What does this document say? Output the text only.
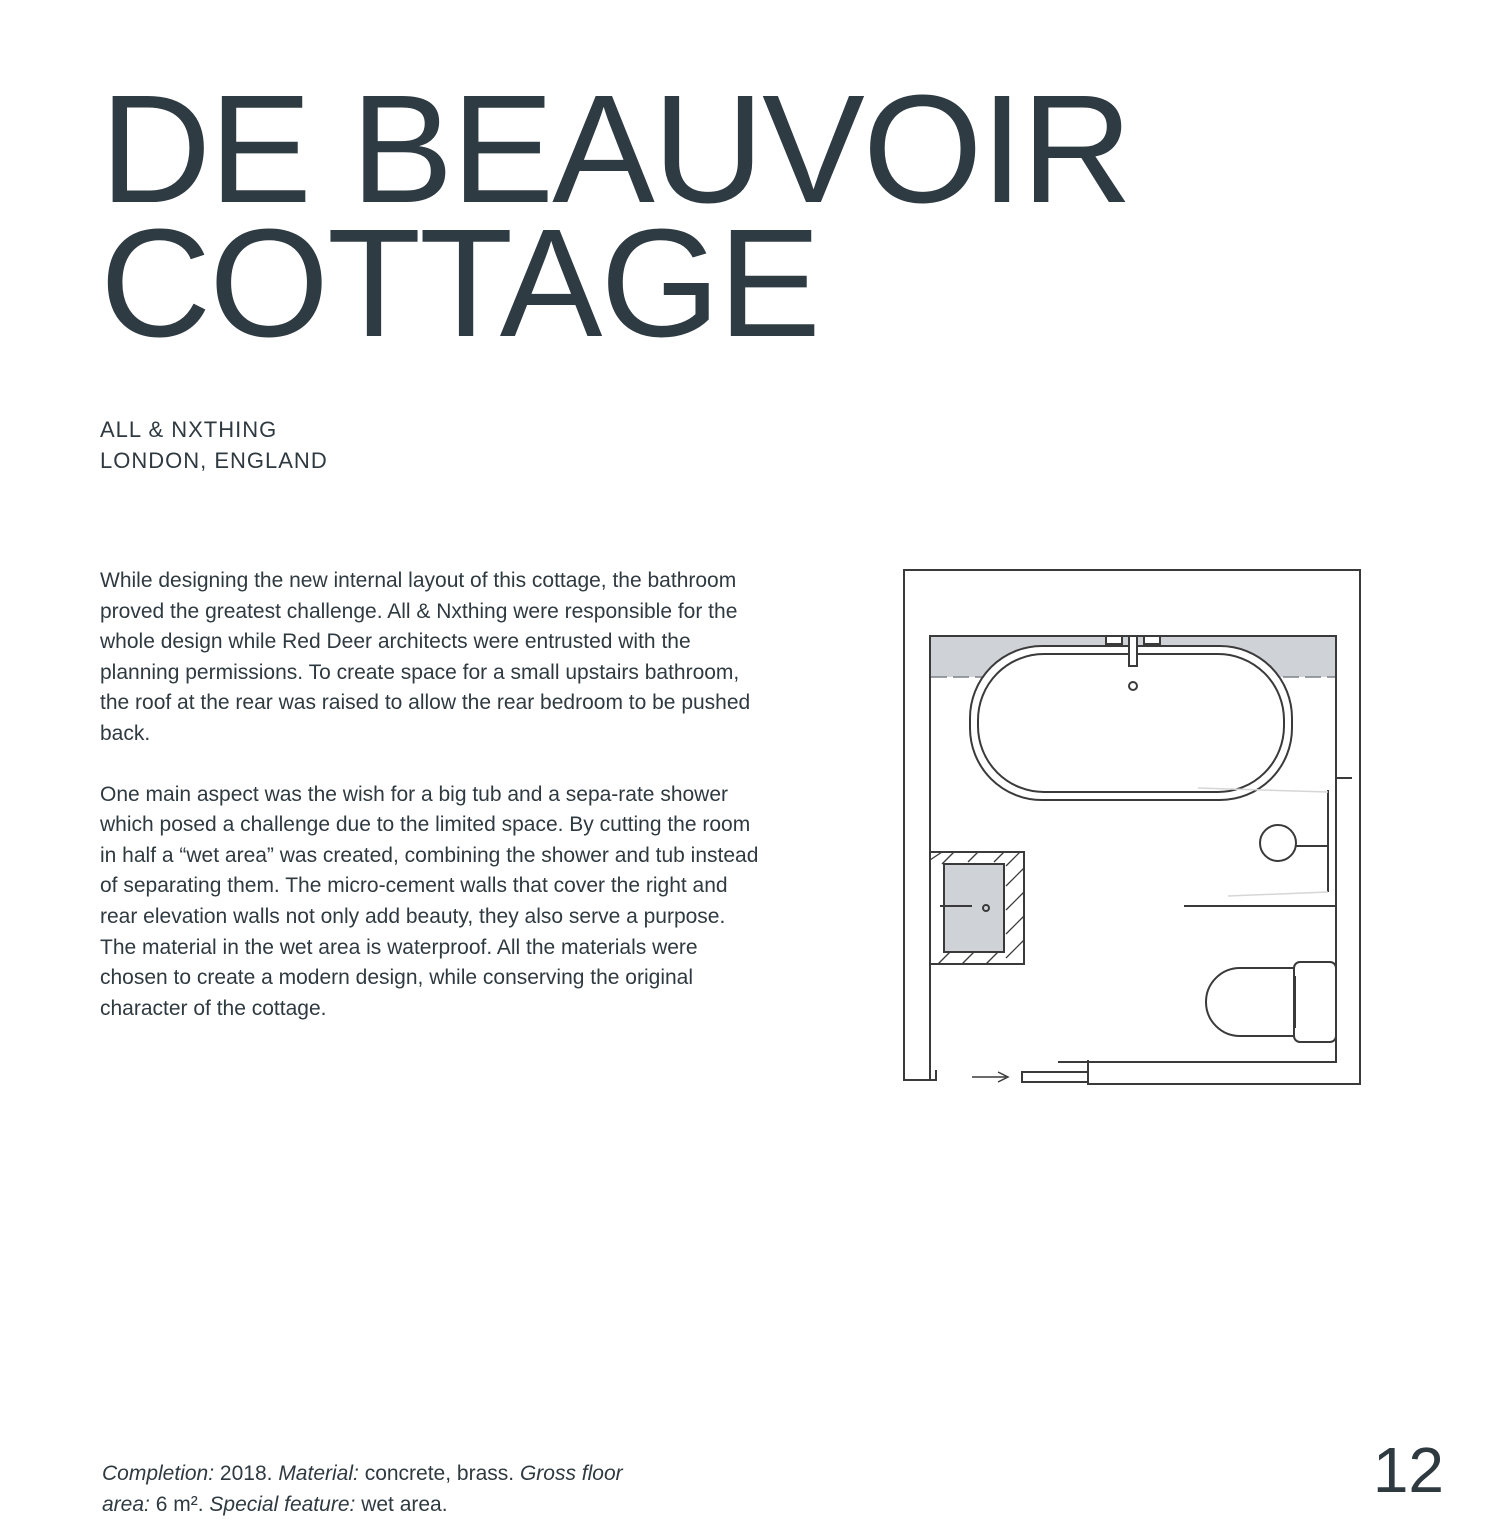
DE BEAUVOIR
COTTAGE
ALL & NXTHING
LONDON, ENGLAND

While designing the new internal layout of this cottage, the bathroom proved the greatest challenge. All & Nxthing were responsible for the whole design while Red Deer architects were entrusted with the planning permissions. To create space for a small upstairs bathroom, the roof at the rear was raised to allow the rear bedroom to be pushed back.

One main aspect was the wish for a big tub and a sepa-rate shower which posed a challenge due to the limited space. By cutting the room in half a “wet area” was created, combining the shower and tub instead of separating them. The micro-cement walls that cover the right and rear elevation walls not only add beauty, they also serve a purpose. The material in the wet area is waterproof. All the materials were chosen to create a modern design, while conserving the original character of the cottage.

Completion: 2018. Material: concrete, brass. Gross floor area: 6 m². Special feature: wet area.	12
